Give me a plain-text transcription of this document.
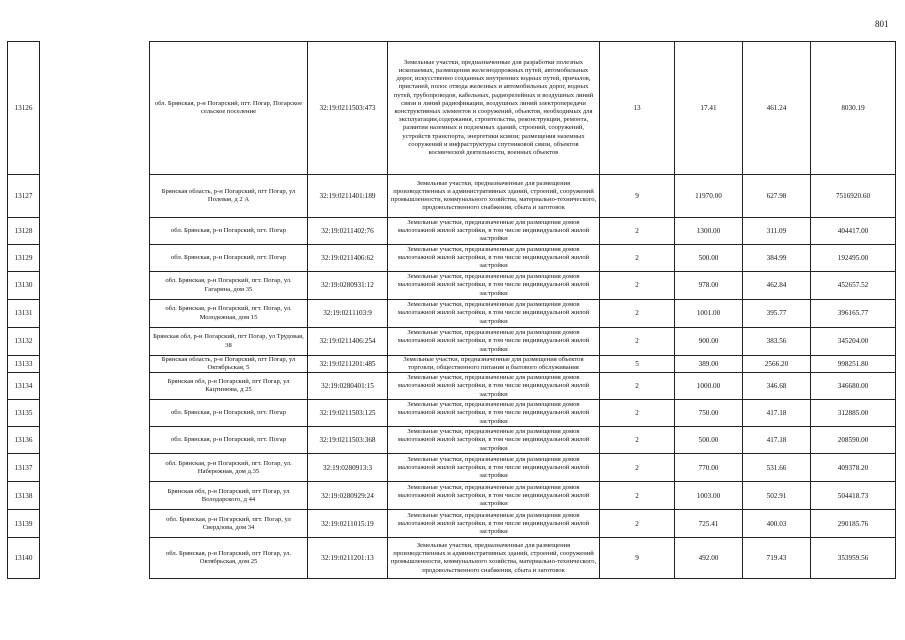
801
13126		обл. Брянская, р-н Погарский, пгт. Погар, Погарское сельское поселение	32:19:0211503:473	Земельные участки, предназначенные для разработки полезных ископаемых, размещения железнодорожных путей, автомобильных дорог, искусственно созданных внутренних водных путей, причалов, пристаней, полос отвода железных и автомобильных дорог, водных путей, трубопроводов, кабельных, радиорелейных и воздушных линий связи и линий радиофикации, воздушных линий электропередачи конструктивных элементов и сооружений, объектов, необходимых для эксплуатации,содержания, строительства, реконструкции, ремонта, развития наземных и подземных зданий, строений, сооружений, устройств транспорта, энергетики ксвязи; размещения наземных сооружений и инфраструктуры спутниковой связи, объектов космической деятельности, военных объектов	13	17.41	461.24	8030.19
13127		Брянская область, р-н Погарский, пгт Погар, ул Полевая, д 2 А	32:19:0211401:189	Земельные участки, предназначенные для размещения производственных и административных зданий, строений, сооружений промышленности, коммунального хозяйства, материально-технического, продовольственного снабжения, сбыта и заготовок	9	11970.00	627.98	7516920.60
13128		обл. Брянская, р-н Погарский, пгт. Погар	32:19:0211402:76	Земельные участки, предназначенные для размещения домов малоэтажной жилой застройки, в том числе индивидуальной жилой застройки	2	1300.00	311.09	404417.00
13129		обл. Брянская, р-н Погарский, пгт. Погар	32:19:0211406:62	Земельные участки, предназначенные для размещения домов малоэтажной жилой застройки, в том числе индивидуальной жилой застройки	2	500.00	384.99	192495.00
13130		обл. Брянская, р-н Погарский, пгт. Погар, ул. Гагарина, дом 35	32:19:0280931:12	Земельные участки, предназначенные для размещения домов малоэтажной жилой застройки, в том числе индивидуальной жилой застройки	2	978.00	462.84	452657.52
13131		обл. Брянская, р-н Погарский, пгт. Погар, ул. Молодежная, дом 15	32:19:0211103:9	Земельные участки, предназначенные для размещения домов малоэтажной жилой застройки, в том числе индивидуальной жилой застройки	2	1001.00	395.77	396165.77
13132		Брянская обл, р-н Погарский, пгт Погар, ул Трудовая, 38	32:19:0211406:254	Земельные участки, предназначенные для размещения домов малоэтажной жилой застройки, в том числе индивидуальной жилой застройки	2	900.00	383.56	345204.00
13133		Брянская область, р-н Погарский, пгт Погар, ул Октябрьская, 5	32:19:0211201:485	Земельные участки, предназначенные для размещения объектов торговли, общественного питания и бытового обслуживания	5	389.00	2566.20	998251.80
13134		Брянская обл, р-н Погарский, пгт Погар, ул Кацтинюва, д 25	32:19:0280401:15	Земельные участки, предназначенные для размещения домов малоэтажной жилой застройки, в том числе индивидуальной жилой застройки	2	1000.00	346.68	346680.00
13135		обл. Брянская, р-н Погарский, пгт. Погар	32:19:0211503:125	Земельные участки, предназначенные для размещения домов малоэтажной жилой застройки, в том числе индивидуальной жилой застройки	2	750.00	417.18	312885.00
13136		обл. Брянская, р-н Погарский, пгт. Погар	32:19:0211503:368	Земельные участки, предназначенные для размещения домов малоэтажной жилой застройки, в том числе индивидуальной жилой застройки	2	500.00	417.18	208590.00
13137		обл. Брянская, р-н Погарский, пгт. Погар, ул. Набережная, дом д.35	32:19:0280913:3	Земельные участки, предназначенные для размещения домов малоэтажной жилой застройки, в том числе индивидуальной жилой застройки	2	770.00	531.66	409378.20
13138		Брянская обл, р-н Погарский, пгт Погар, ул Володарского, д 44	32:19:0280929:24	Земельные участки, предназначенные для размещения домов малоэтажной жилой застройки, в том числе индивидуальной жилой застройки	2	1003.00	502.91	504418.73
13139		обл. Брянская, р-н Погарский, пгт. Погар, ул Свердлова, дом 34	32:19:0211015:19	Земельные участки, предназначенные для размещения домов малоэтажной жилой застройки, в том числе индивидуальной жилой застройки	2	725.41	400.03	290185.76
13140		обл. Брянская, р-н Погарский, пгт Погар, ул. Октябрьская, дом 25	32:19:0211201:13	Земельные участки, предназначенные для размещения производственных и административных зданий, строений, сооружений промышленности, коммунального хозяйства, материально-технического, продовольственного снабжения, сбыта и заготовок	9	492.00	719.43	353959.56
